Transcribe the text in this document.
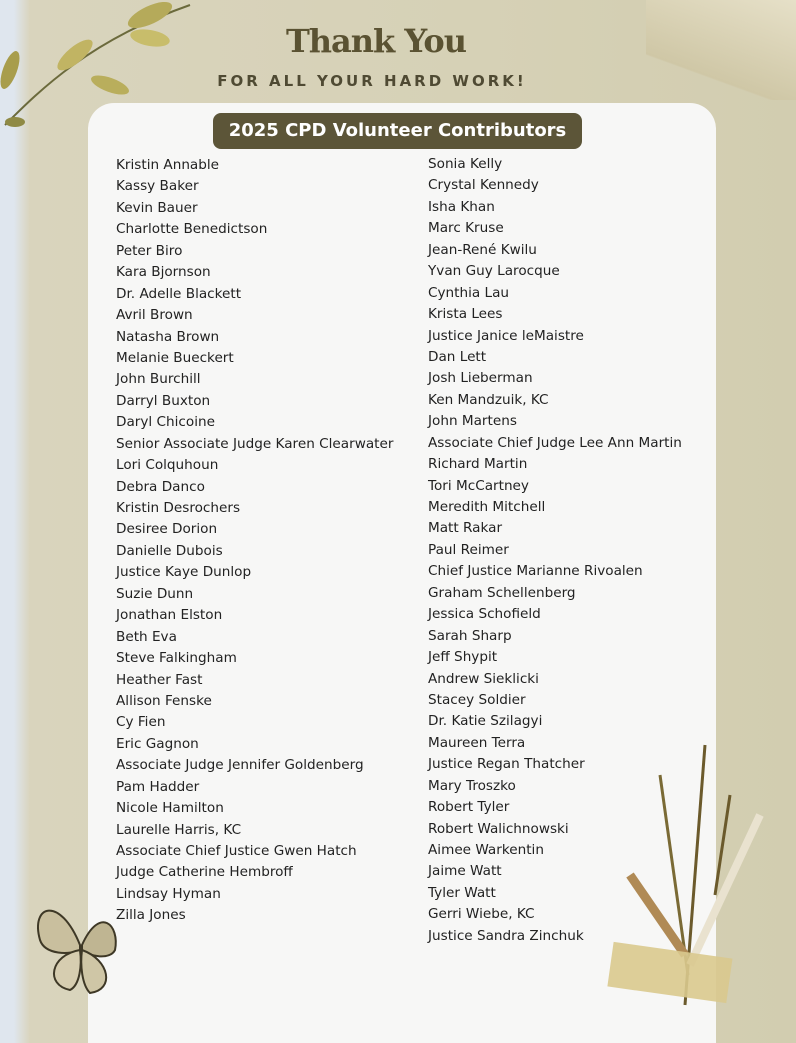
Thank You
FOR ALL YOUR HARD WORK!
2025 CPD Volunteer Contributors
Kristin Annable
Kassy Baker
Kevin Bauer
Charlotte Benedictson
Peter Biro
Kara Bjornson
Dr. Adelle Blackett
Avril Brown
Natasha Brown
Melanie Bueckert
John Burchill
Darryl Buxton
Daryl Chicoine
Senior Associate Judge Karen Clearwater
Lori Colquhoun
Debra Danco
Kristin Desrochers
Desiree Dorion
Danielle Dubois
Justice Kaye Dunlop
Suzie Dunn
Jonathan Elston
Beth Eva
Steve Falkingham
Heather Fast
Allison Fenske
Cy Fien
Eric Gagnon
Associate Judge Jennifer Goldenberg
Pam Hadder
Nicole Hamilton
Laurelle Harris, KC
Associate Chief Justice Gwen Hatch
Judge Catherine Hembroff
Lindsay Hyman
Zilla Jones
Sonia Kelly
Crystal Kennedy
Isha Khan
Marc Kruse
Jean-René Kwilu
Yvan Guy Larocque
Cynthia Lau
Krista Lees
Justice Janice leMaistre
Dan Lett
Josh Lieberman
Ken Mandzuik, KC
John Martens
Associate Chief Judge Lee Ann Martin
Richard Martin
Tori McCartney
Meredith Mitchell
Matt Rakar
Paul Reimer
Chief Justice Marianne Rivoalen
Graham Schellenberg
Jessica Schofield
Sarah Sharp
Jeff Shypit
Andrew Sieklicki
Stacey Soldier
Dr. Katie Szilagyi
Maureen Terra
Justice Regan Thatcher
Mary Troszko
Robert Tyler
Robert Walichnowski
Aimee Warkentin
Jaime Watt
Tyler Watt
Gerri Wiebe, KC
Justice Sandra Zinchuk
